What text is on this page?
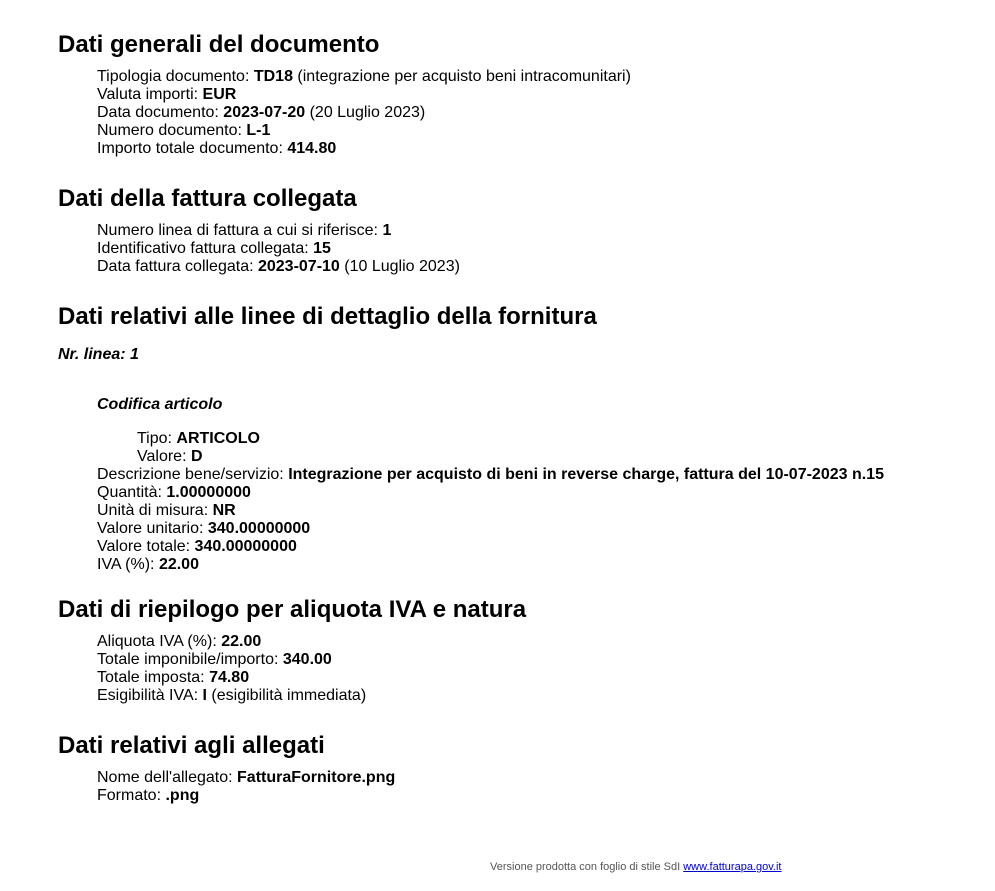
Dati generali del documento
Tipologia documento: TD18 (integrazione per acquisto beni intracomunitari)
Valuta importi: EUR
Data documento: 2023-07-20 (20 Luglio 2023)
Numero documento: L-1
Importo totale documento: 414.80
Dati della fattura collegata
Numero linea di fattura a cui si riferisce: 1
Identificativo fattura collegata: 15
Data fattura collegata: 2023-07-10 (10 Luglio 2023)
Dati relativi alle linee di dettaglio della fornitura
Nr. linea: 1
Codifica articolo
Tipo: ARTICOLO
Valore: D
Descrizione bene/servizio: Integrazione per acquisto di beni in reverse charge, fattura del 10-07-2023 n.15
Quantità: 1.00000000
Unità di misura: NR
Valore unitario: 340.00000000
Valore totale: 340.00000000
IVA (%): 22.00
Dati di riepilogo per aliquota IVA e natura
Aliquota IVA (%): 22.00
Totale imponibile/importo: 340.00
Totale imposta: 74.80
Esigibilità IVA: I (esigibilità immediata)
Dati relativi agli allegati
Nome dell'allegato: FatturaFornitore.png
Formato: .png
Versione prodotta con foglio di stile SdI www.fatturapa.gov.it
